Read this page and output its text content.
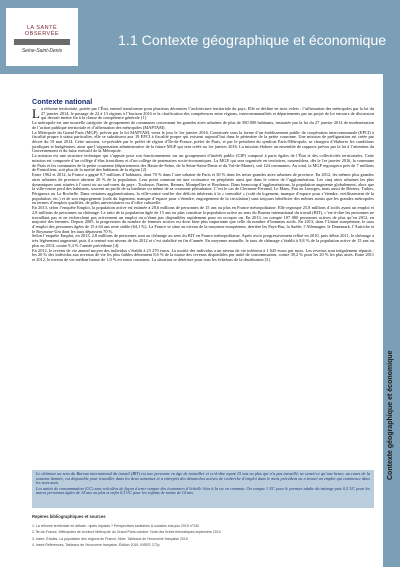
LA SANTÉ OBSERVÉE
Seine-Saint-Denis
1.1 Contexte géographique et économique
Contexte géographique et économique
Contexte national

La réforme territoriale, portée par l’État, entend transformer pour plusieurs décennies l’architecture territoriale du pays. Elle se décline en trois volets : l’affirmation des métropoles par la loi du 27 janvier 2014, le passage de 22 à 13 régions à l’horizon 2016 et la clarification des compétences entre régions, intercommunalités et départements par un projet de loi encours de discussion qui devrait mettre fin à la clause de compétence générale [1].

La métropole est une nouvelle catégorie de groupement de communes concernant les grandes aires urbaines de plus de 500 000 habitants, instaurée par la loi du 27 janvier 2014 de modernisation de l’action publique territoriale et d’affirmation des métropoles (MAPTAM).

La Métropole du Grand Paris (MGP), prévue par la loi MAPTAM, verra le jour le 1er janvier 2016. Constituée sous la forme d’un établissement public de coopération intercommunale (EPCI) à fiscalité propre à statut particulier, elle se substituera aux 19 EPCI à fiscalité propre qui existent aujourd’hui dans le périmètre de la petite couronne. Une mission de préfiguration est créée par décret du 19 mai 2014. Cette mission, co-présidée par le préfet de région d’Île-de-France, préfet de Paris, et par le président du syndicat Paris-Métropole, se chargera d’élaborer les conditions juridiques et budgétaires, ainsi que l’organisation administrative de la future MGP qui sera créée au 1er janvier 2016. La mission élabore un ensemble de rapports prévus par la loi à l’attention du Gouvernement et du futur exécutif de la Métropole.

La mission est une structure technique qui s’appuie pour son fonctionnement sur un groupement d’intérêt public (GIP) composé à parts égales de l’État et des collectivités territoriales. Cette mission est composée d’un collège d’élus franciliens et d’un collège de partenaires socio-économiques. La MGP, qui sera organisée en territoires, rassemblera, dès le 1er janvier 2016, la commune de Paris et les communes de la petite couronne (départements des Hauts-de-Seine, de la Seine-Saint-Denis et du Val-de-Marne), soit 124 communes. Au total, la MGP regroupera près de 7 millions de Franciliens, soit plus de la moitié des habitants de la région [2].

Entre 1962 et 2012, la France a gagné 9,7 millions d’habitants, dont 70 % dans l’aire urbaine de Paris et 30 % dans les treize grandes aires urbaines de province. En 2012, les mêmes plus grandes aires urbaines de province abritent 20 % de la population. Leur point commun est une croissance en périphérie ainsi que dans le centre de l’agglomération. Les cinq aires urbaines les plus dynamiques sont situées à l’ouest ou au sud-ouest du pays : Toulouse, Nantes, Rennes, Montpellier et Bordeaux. Dans beaucoup d’agglomérations, la population augmente globalement, alors que la ville-centre perd des habitants, souvent au profit de sa banlieue ou même de sa couronne périurbaine. C’est le cas de Clermont-Ferrand, Le Mans, Pau ou Limoges, mais aussi de Béziers, Tarbes, Périgueux ou La Rochelle. Dans certaines agglomérations, la ville-centre souffre des déficits inhérents à la « centralité » (coût du logement, manque d’espace pour s’étendre, vieillissement de la population, etc.) et de son engorgement (coût du logement, manque d’espace pour s’étendre, engorgement de la circulation) sans toujours bénéficier des mêmes atouts que les grandes métropoles en termes d’emplois qualifiés, de pôles universitaires ou d’offre culturelle.

En 2013, selon l’enquête Emploi, la population active est estimée à 28,6 millions de personnes de 15 ans ou plus en France métropolitaine. Elle regroupe 25,8 millions d’actifs ayant un emploi et 2,8 millions de personnes au chômage. Le ratio de la population âgée de 15 ans ou plus constitue la population active au sens du Bureau international du travail (BIT), c’est-à-dire les personnes ne travaillant pas et ne recherchant pas activement un emploi ou n’étant pas disponibles rapidement pour en occuper un. En 2013, on compte 107 000 personnes actives de plus qu’en 2012, en majorité des femmes. Depuis 2005, la progression du nombre de femmes actives est donc bien plus importante que celle du nombre d’hommes actifs. En 2013, dans l’Union européenne, le taux d’emploi des personnes âgées de 15 à 64 ans reste stable (64,1 %). La France se situe au niveau de la moyenne européenne, derrière les Pays-Bas, la Suède, l’Allemagne, le Danemark, l’Autriche et le Royaume-Uni dont les taux dépassent 70 %.

Selon l’enquête Emploi, en 2013, 2,8 millions de personnes sont au chômage au sens du BIT en France métropolitaine. Après avoir progressivement reflué en 2010, puis début 2011, le chômage a très légèrement augmenté, puis il a renoué son niveau de fin 2012 et s’est stabilisé en fin d’année. En moyenne annuelle, le taux de chômage s’établit à 9,8 % de la population active de 15 ans ou plus en 2013, contre 9,4 % l’année précédente [4].

En 2012, le revenu de vie annuel moyen des individus s’établit à 23 270 euros. La moitié des individus a un niveau de vie inférieur à 1 645 euros par mois. Les revenus sont inégalement répartis : les 20 % des individus aux niveaux de vie les plus faibles détiennent 8,6 % de la masse des revenus disponibles par unité de consommation, contre 39,2 % pour les 20 % les plus aisés. Entre 2011 et 2012, le niveau de vie médian baisse de 1,0 % en euros constants. La situation se détériore pour tous les échelons de la distribution [3].

Le chômeur au sens du Bureau international du travail (BIT) est une personne en âge de travailler et ce-à-dire ayant 15 ans ou plus qui n’a pas travaillé, ne serait-ce qu’une heure, au cours de la semaine donnée, est disponible pour travailler dans les deux semaines et a entrepris des démarches actives de recherche d’emploi dans le mois précédent ou a trouvé un emploi qui commence dans les trois mois.

Les unités de consommation (UC) sont calculées de façon à tenir compte des économies d’échelle liées à la vie en commun. On compte 1 UC pour le premier adulte du ménage puis 0,5 UC pour les autres personnes âgées de 14 ans ou plus et enfin 0,3 UC pour les enfants de moins de 14 ans.

Repères bibliographiques et sources
1. La réforme territoriale en débats : quels impacts ? Perspectives sanitaires & sociales mai-juin 2015 n°240
2. Île-de-France, Métropoles de la future Métropole du Grand Paris-octobre. Note des fiches thématiques septembre 2014
3. Insee, Études, La population des régions de France, Note. Tableaux de l’économie française 2015
4. Insee Références, Tableaux de l’économie française, Édition 2015. INSEE 272p
